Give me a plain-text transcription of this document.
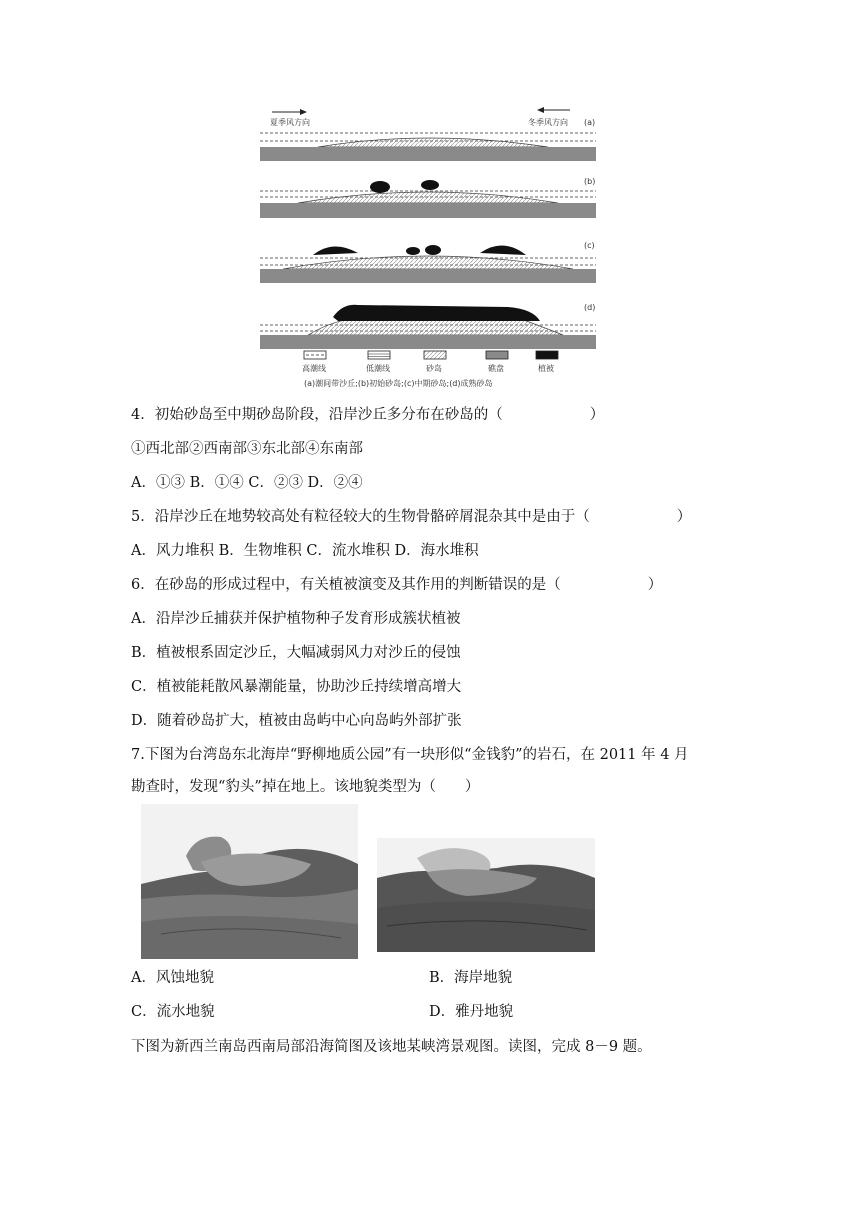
夏季风方向	冬季风方向 (a)
(b)
(c)
(d)
高潮线	低潮线	砂岛	礁盘	植被
(a)潮间带沙丘;(b)初始砂岛;(c)中期砂岛;(d)成熟砂岛
4．初始砂岛至中期砂岛阶段，沿岸沙丘多分布在砂岛的（　　　　　　）
①西北部②西南部③东北部④东南部
A．①③ B．①④ C．②③ D．②④
5．沿岸沙丘在地势较高处有粒径较大的生物骨骼碎屑混杂其中是由于（　　　　　　）
A．风力堆积 B．生物堆积 C．流水堆积 D．海水堆积
6．在砂岛的形成过程中，有关植被演变及其作用的判断错误的是（　　　　　　）
A．沿岸沙丘捕获并保护植物种子发育形成簇状植被
B．植被根系固定沙丘，大幅减弱风力对沙丘的侵蚀
C．植被能耗散风暴潮能量，协助沙丘持续增高增大
D．随着砂岛扩大，植被由岛屿中心向岛屿外部扩张
7.下图为台湾岛东北海岸“野柳地质公园”有一块形似“金钱豹”的岩石，在 2011 年 4 月
勘查时，发现“豹头”掉在地上。该地貌类型为（　　）
A．风蚀地貌	B．海岸地貌
C．流水地貌	D．雅丹地貌
下图为新西兰南岛西南局部沿海简图及该地某峡湾景观图。读图，完成 8－9 题。
